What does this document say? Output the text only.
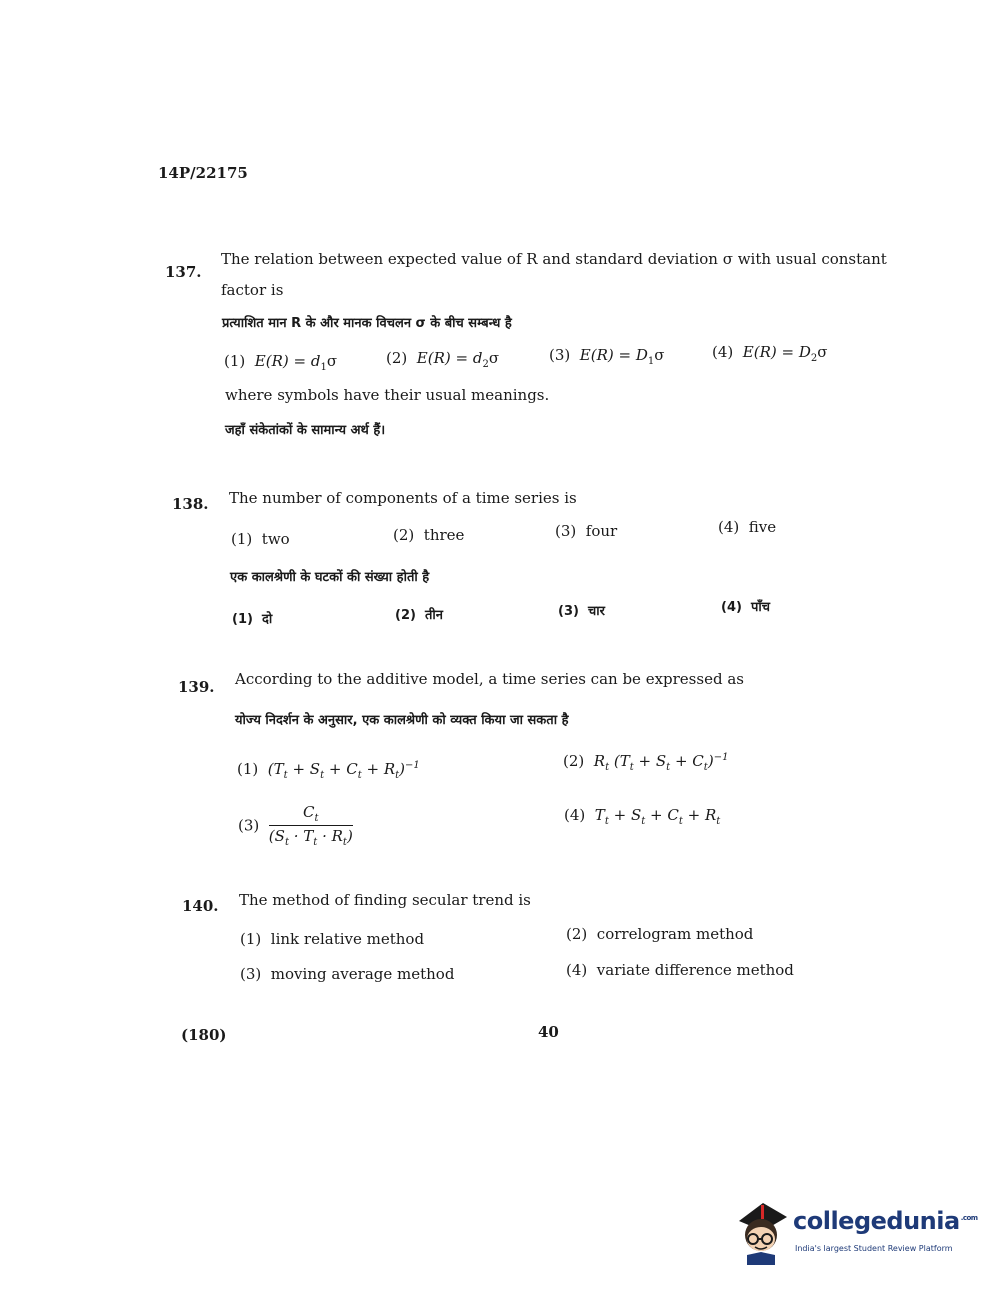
14P/22175
137.
The relation between expected value of R and standard deviation σ with usual constant
factor is
प्रत्याशित मान R के और मानक विचलन σ के बीच सम्बन्ध है
(1) $E(R) = d_1\sigma$	(2) $E(R) = d_2\sigma$	(3) $E(R) = D_1\sigma$	(4) $E(R) = D_2\sigma$
where symbols have their usual meanings.
जहाँ संकेतांकों के सामान्य अर्थ हैं।
138. The number of components of a time series is
(1) two	(2) three	(3) four	(4) five
एक कालश्रेणी के घटकों की संख्या होती है
(1) दो	(2) तीन	(3) चार	(4) पाँच
139. According to the additive model, a time series can be expressed as
योज्य निदर्शन के अनुसार, एक कालश्रेणी को व्यक्त किया जा सकता है
(1) $(T_t + S_t + C_t + R_t)^{-1}$	(2) $R_t$ $(T_t + S_t + C_t)^{-1}$
$(3) \frac{C_t}{(S_t \cdot T_t \cdot R_t)}$	(4) $T_t + S_t + C_t + R_t$
140. The method of finding secular trend is
(1) link relative method	(2) correlogram method
(3) moving average method	(4) variate difference method
(180)	40
collegedunia$^{.com}$
India's largest Student Review Platform
